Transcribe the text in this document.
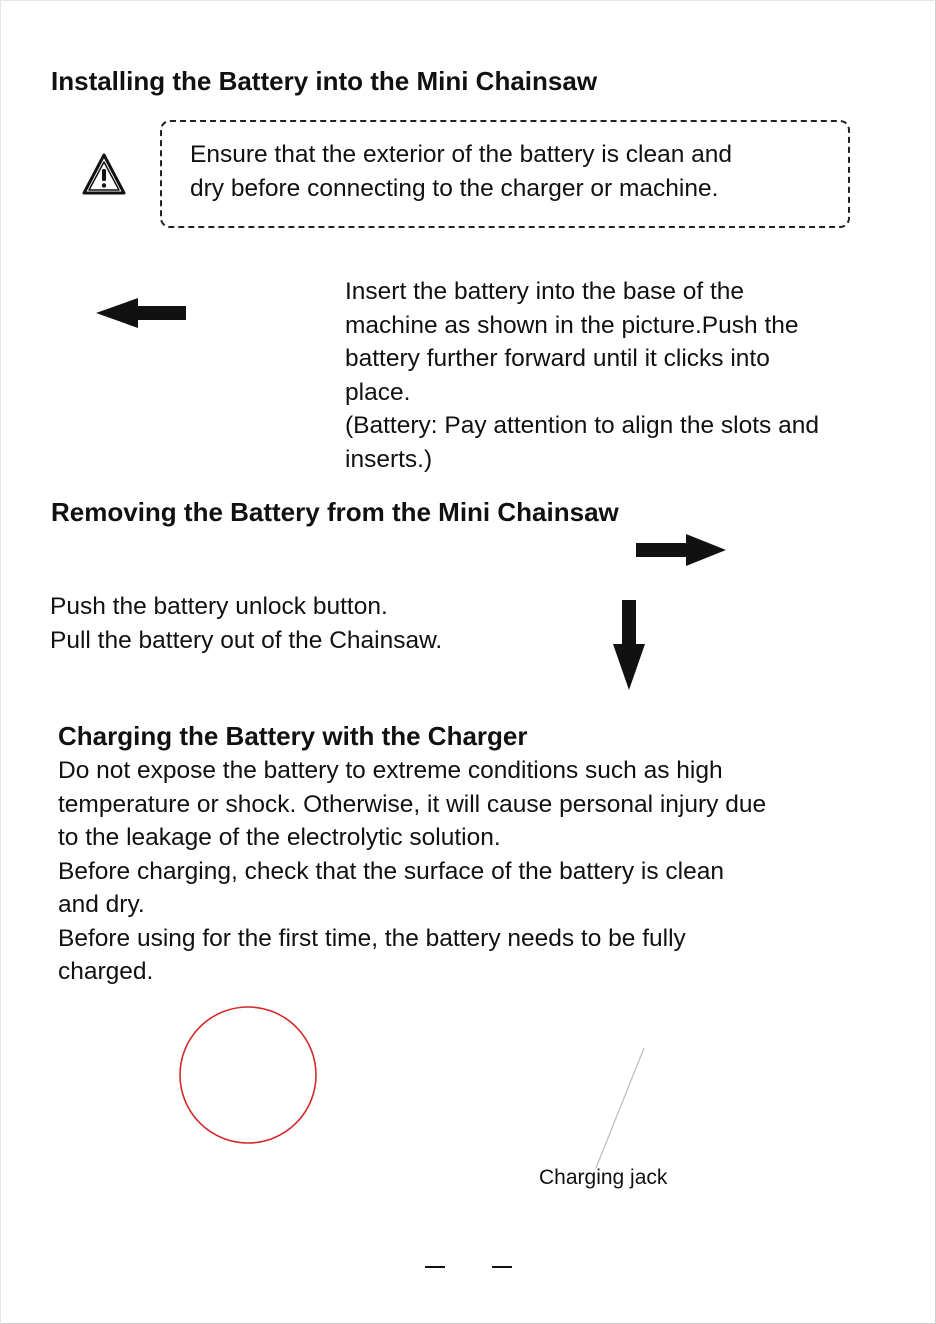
Installing the Battery into the Mini Chainsaw
Ensure that the exterior of the battery is clean and
dry before connecting to the charger or machine.
Insert the battery into the base of the
machine as shown in the picture.Push the
battery further forward until it clicks into
place.
(Battery: Pay attention to align the slots and
inserts.)
Removing the Battery from the Mini Chainsaw
Push the battery unlock button.
Pull the battery out of the Chainsaw.
Charging the Battery with the Charger
Do not expose the battery to extreme conditions such as high
temperature or shock. Otherwise, it will cause personal injury due
to the leakage of the electrolytic solution.
Before charging, check that the surface of the battery is clean
and dry.
Before using for the first time, the battery needs to be fully
charged.
Charging jack
